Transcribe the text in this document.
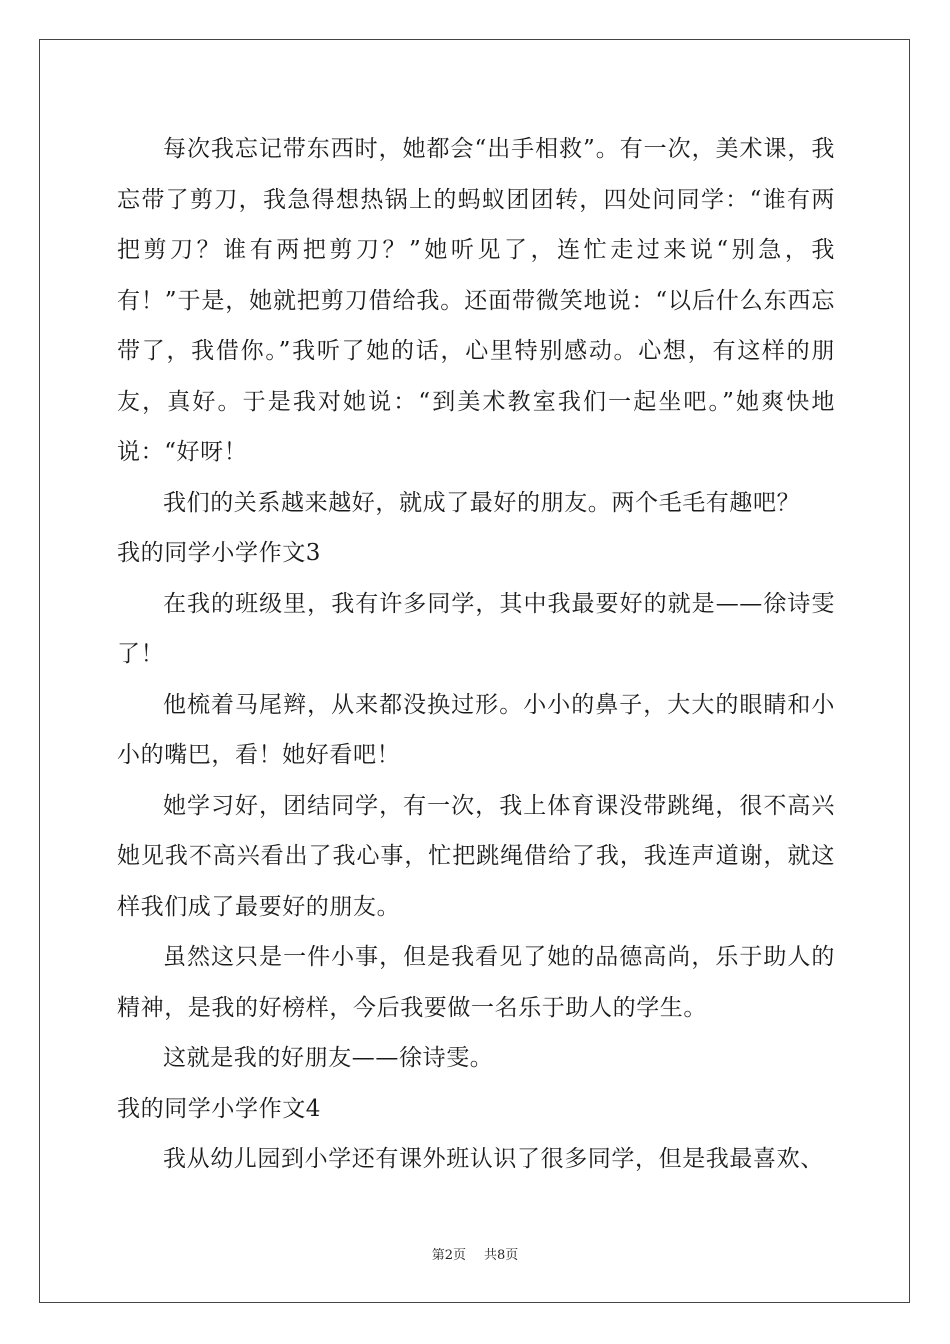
每次我忘记带东西时，她都会“出手相救”。有一次，美术课，我忘带了剪刀，我急得想热锅上的蚂蚁团团转，四处问同学：“谁有两把剪刀？谁有两把剪刀？”她听见了，连忙走过来说“别急，我有！”于是，她就把剪刀借给我。还面带微笑地说：“以后什么东西忘带了，我借你。”我听了她的话，心里特别感动。心想，有这样的朋友，真好。于是我对她说：“到美术教室我们一起坐吧。”她爽快地说：“好呀！

我们的关系越来越好，就成了最好的朋友。两个毛毛有趣吧？

我的同学小学作文3

在我的班级里，我有许多同学，其中我最要好的就是——徐诗雯了！

他梳着马尾辫，从来都没换过形。小小的鼻子，大大的眼睛和小小的嘴巴，看！她好看吧！

她学习好，团结同学，有一次，我上体育课没带跳绳，很不高兴她见我不高兴看出了我心事，忙把跳绳借给了我，我连声道谢，就这样我们成了最要好的朋友。

虽然这只是一件小事，但是我看见了她的品德高尚，乐于助人的精神，是我的好榜样，今后我要做一名乐于助人的学生。

这就是我的好朋友——徐诗雯。

我的同学小学作文4

我从幼儿园到小学还有课外班认识了很多同学，但是我最喜欢、

第2页 共8页
